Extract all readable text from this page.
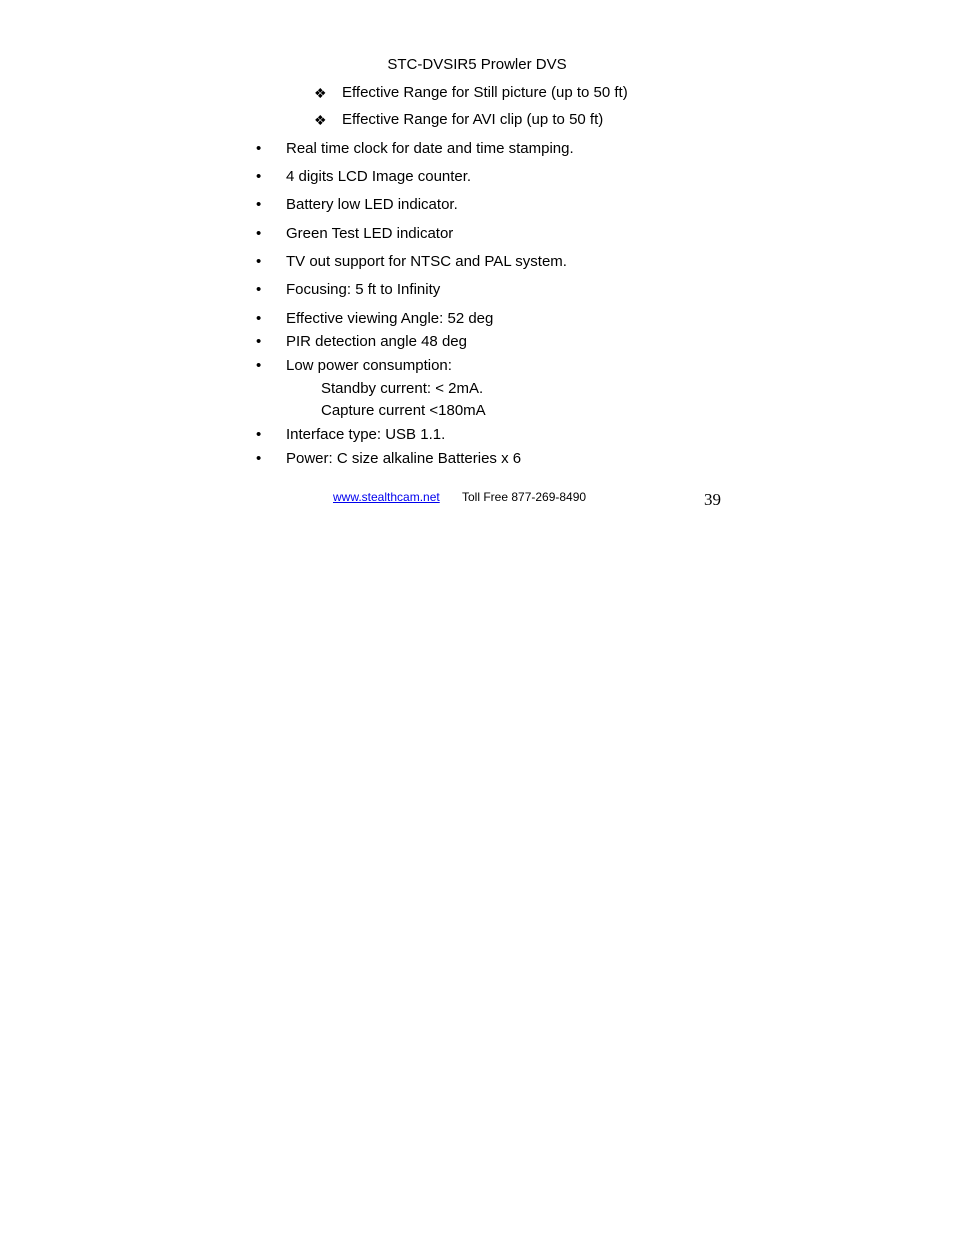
STC-DVSIR5 Prowler DVS
❖ Effective Range for Still picture (up to 50 ft)
❖ Effective Range for AVI clip (up to 50 ft)
• Real time clock for date and time stamping.
• 4 digits LCD Image counter.
• Battery low LED indicator.
• Green Test LED indicator
• TV out support for NTSC and PAL system.
• Focusing: 5 ft to Infinity
• Effective viewing Angle: 52 deg
• PIR detection angle 48 deg
• Low power consumption:
Standby current: < 2mA.
Capture current <180mA
• Interface type: USB 1.1.
• Power: C size alkaline Batteries x 6
www.stealthcam.net Toll Free 877-269-8490	39
